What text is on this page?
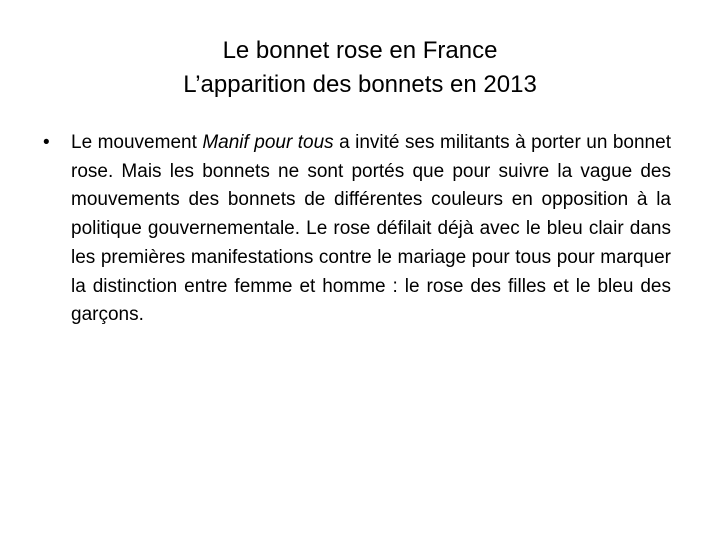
Le bonnet rose en France
L’apparition des bonnets en 2013
•	Le mouvement Manif pour tous a invité ses militants à porter un bonnet rose. Mais les bonnets ne sont portés que pour suivre la vague des mouvements des bonnets de différentes couleurs en opposition à la politique gouvernementale. Le rose défilait déjà avec le bleu clair dans les premières manifestations contre le mariage pour tous pour marquer la distinction entre femme et homme : le rose des filles et le bleu des garçons.
